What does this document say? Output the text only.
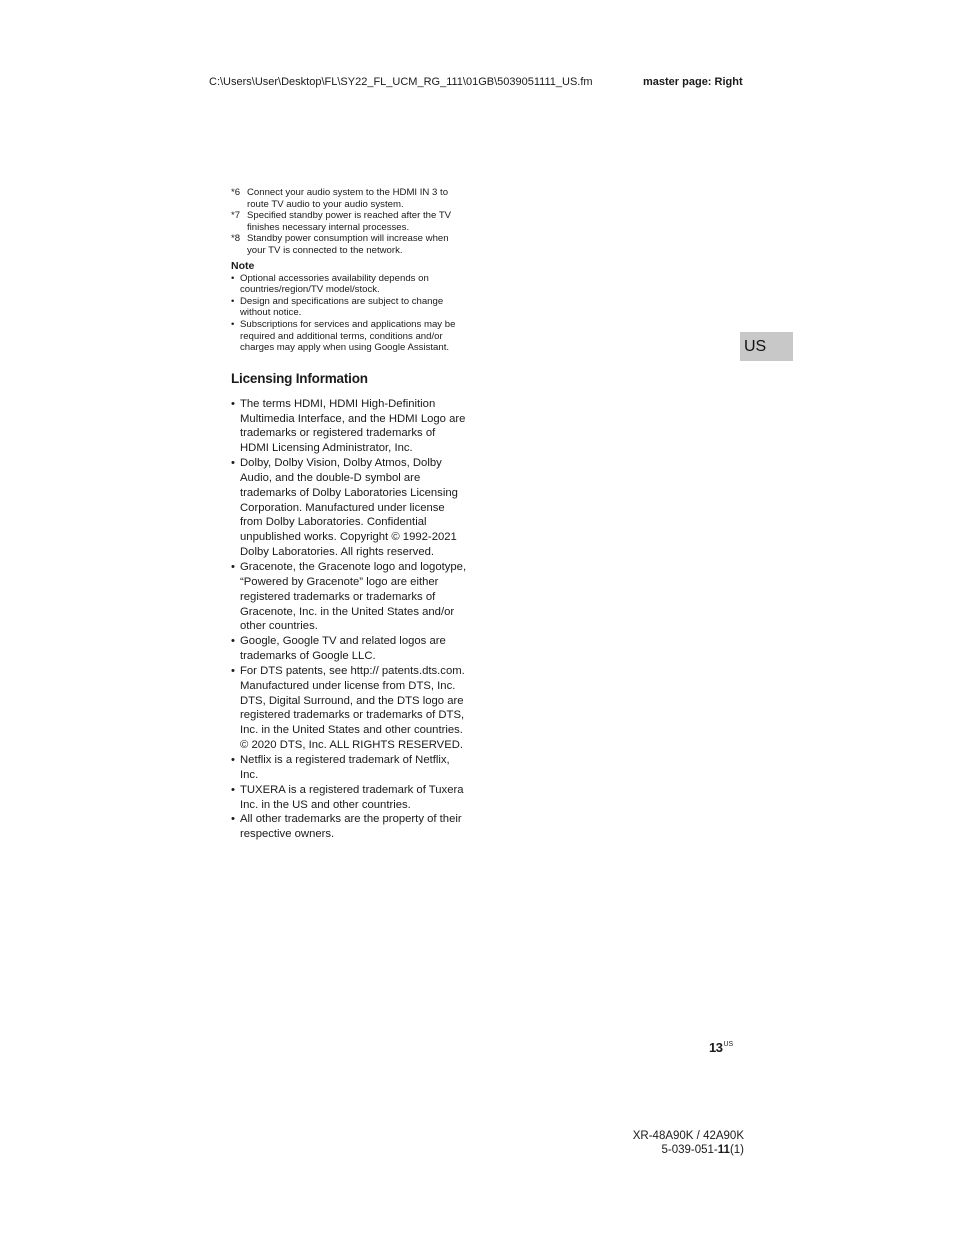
C:\Users\User\Desktop\FL\SY22_FL_UCM_RG_111\01GB\5039051111_US.fm	master page: Right
*6 Connect your audio system to the HDMI IN 3 to route TV audio to your audio system.
*7 Specified standby power is reached after the TV finishes necessary internal processes.
*8 Standby power consumption will increase when your TV is connected to the network.
Note
• Optional accessories availability depends on countries/region/TV model/stock.
• Design and specifications are subject to change without notice.
• Subscriptions for services and applications may be required and additional terms, conditions and/or charges may apply when using Google Assistant.
Licensing Information
• The terms HDMI, HDMI High-Definition Multimedia Interface, and the HDMI Logo are trademarks or registered trademarks of HDMI Licensing Administrator, Inc.
• Dolby, Dolby Vision, Dolby Atmos, Dolby Audio, and the double-D symbol are trademarks of Dolby Laboratories Licensing Corporation. Manufactured under license from Dolby Laboratories. Confidential unpublished works. Copyright © 1992-2021 Dolby Laboratories. All rights reserved.
• Gracenote, the Gracenote logo and logotype, “Powered by Gracenote” logo are either registered trademarks or trademarks of Gracenote, Inc. in the United States and/or other countries.
• Google, Google TV and related logos are trademarks of Google LLC.
• For DTS patents, see http:// patents.dts.com. Manufactured under license from DTS, Inc. DTS, Digital Surround, and the DTS logo are registered trademarks or trademarks of DTS, Inc. in the United States and other countries. © 2020 DTS, Inc. ALL RIGHTS RESERVED.
• Netflix is a registered trademark of Netflix, Inc.
• TUXERA is a registered trademark of Tuxera Inc. in the US and other countries.
• All other trademarks are the property of their respective owners.
US
$13^{US}$
XR-48A90K / 42A90K
5-039-051-11(1)
